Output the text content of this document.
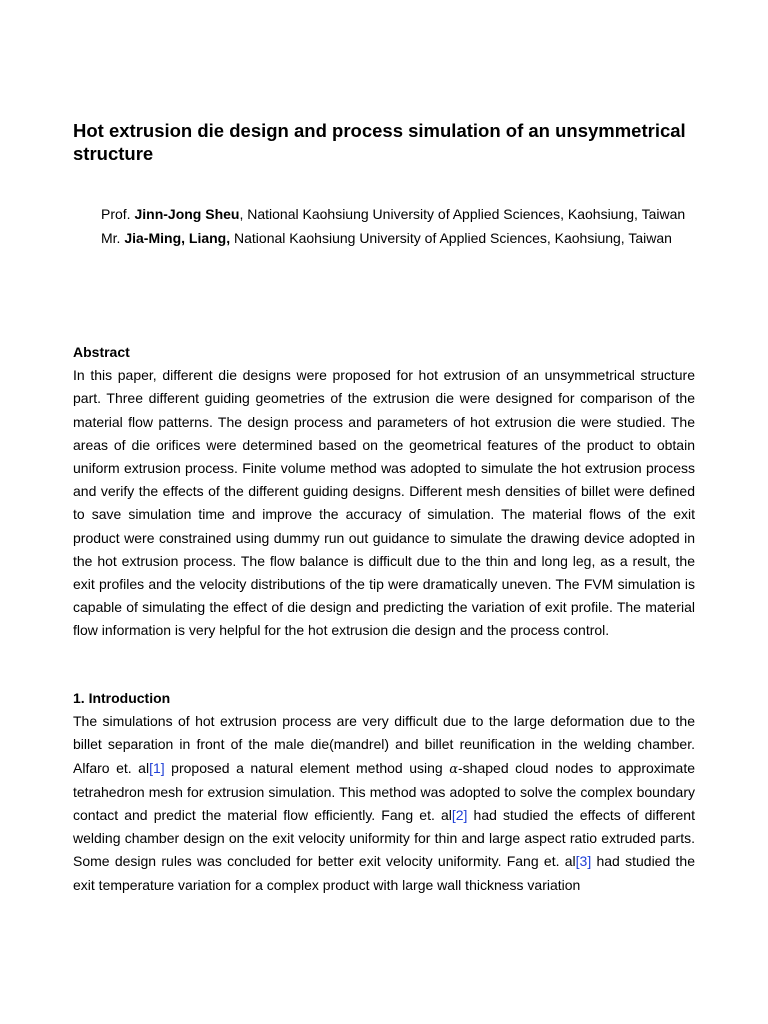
Hot extrusion die design and process simulation of an unsymmetrical structure
Prof. Jinn-Jong Sheu, National Kaohsiung University of Applied Sciences, Kaohsiung, Taiwan
Mr. Jia-Ming, Liang, National Kaohsiung University of Applied Sciences, Kaohsiung, Taiwan
Abstract

In this paper, different die designs were proposed for hot extrusion of an unsymmetrical structure part. Three different guiding geometries of the extrusion die were designed for comparison of the material flow patterns. The design process and parameters of hot extrusion die were studied. The areas of die orifices were determined based on the geometrical features of the product to obtain uniform extrusion process. Finite volume method was adopted to simulate the hot extrusion process and verify the effects of the different guiding designs. Different mesh densities of billet were defined to save simulation time and improve the accuracy of simulation. The material flows of the exit product were constrained using dummy run out guidance to simulate the drawing device adopted in the hot extrusion process. The flow balance is difficult due to the thin and long leg, as a result, the exit profiles and the velocity distributions of the tip were dramatically uneven. The FVM simulation is capable of simulating the effect of die design and predicting the variation of exit profile. The material flow information is very helpful for the hot extrusion die design and the process control.

1. Introduction

The simulations of hot extrusion process are very difficult due to the large deformation due to the billet separation in front of the male die(mandrel) and billet reunification in the welding chamber. Alfaro et. al[1] proposed a natural element method using α-shaped cloud nodes to approximate tetrahedron mesh for extrusion simulation. This method was adopted to solve the complex boundary contact and predict the material flow efficiently. Fang et. al[2] had studied the effects of different welding chamber design on the exit velocity uniformity for thin and large aspect ratio extruded parts. Some design rules was concluded for better exit velocity uniformity. Fang et. al[3] had studied the exit temperature variation for a complex product with large wall thickness variation
